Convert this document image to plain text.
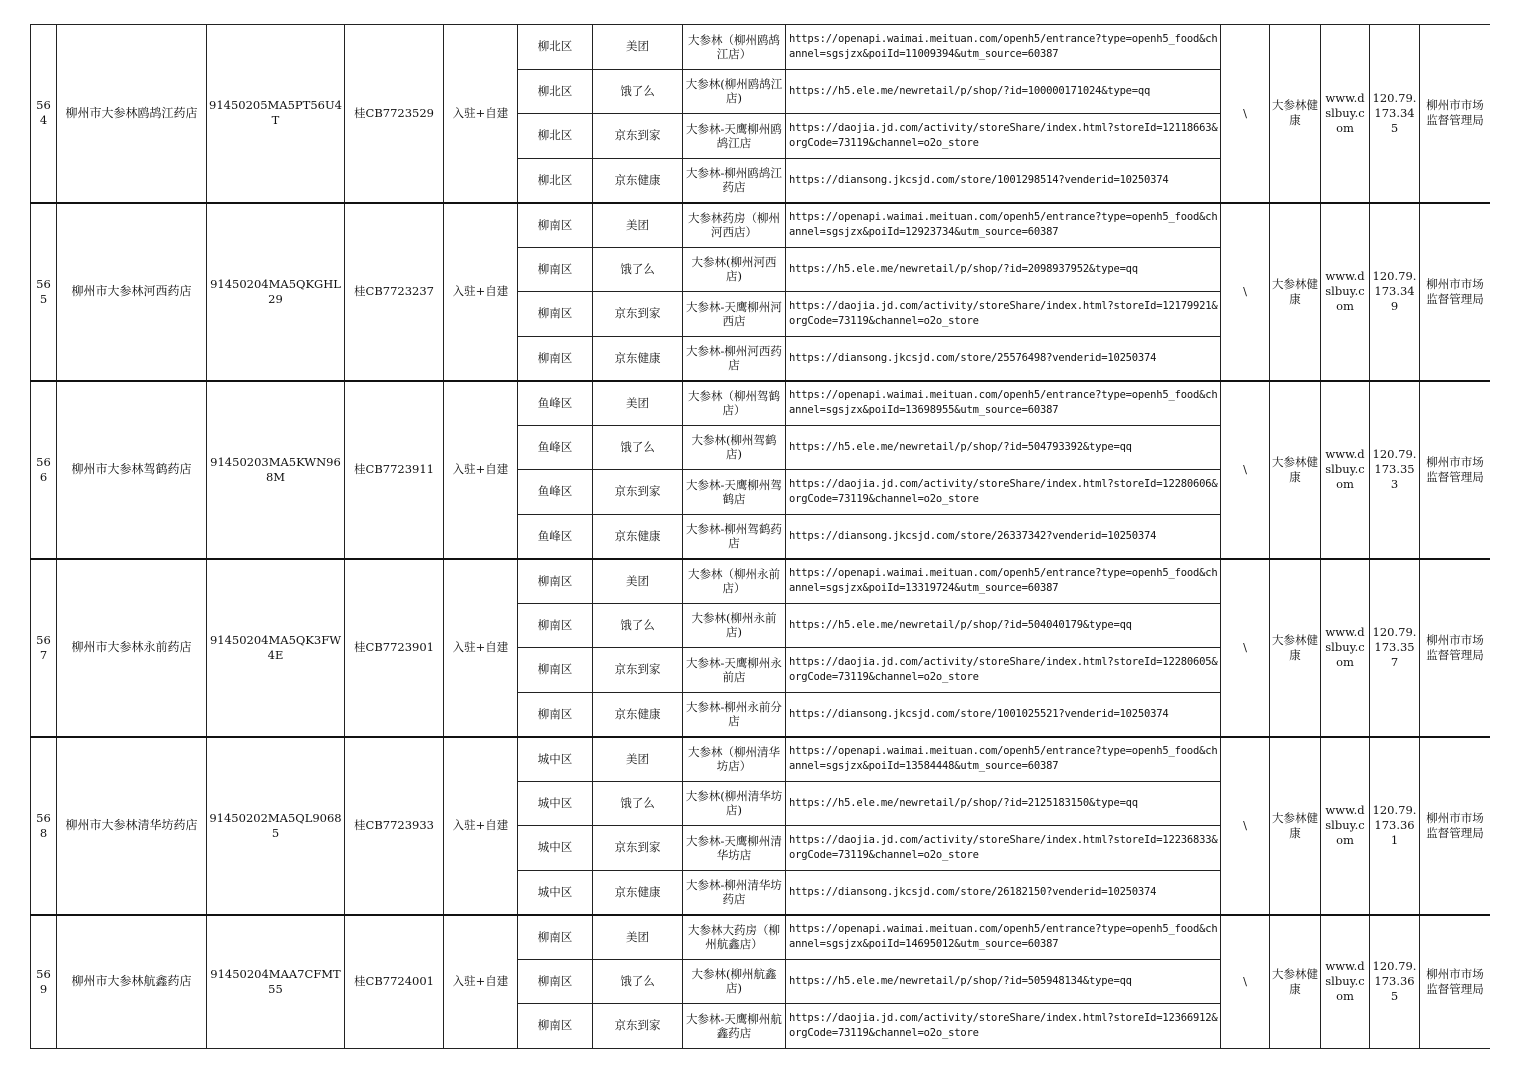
564	柳州市大参林鸥鸪江药店	91450205MA5PT56U4T	桂CB7723529	入驻+自建	柳北区	美团	大参林（柳州鸥鸪江店）	https://openapi.waimai.meituan.com/openh5/entrance?type=openh5_food&channel=sgsjzx&poiId=11009394&utm_source=60387	\	大参林健康	www.dslbuy.com	120.79.173.345	柳州市市场监督管理局
					柳北区	饿了么	大参林(柳州鸥鸪江店)	https://h5.ele.me/newretail/p/shop/?id=100000171024&type=qq					
					柳北区	京东到家	大参林-天鹰柳州鸥鸪江店	https://daojia.jd.com/activity/storeShare/index.html?storeId=12118663&orgCode=73119&channel=o2o_store					
					柳北区	京东健康	大参林-柳州鸥鸪江药店	https://diansong.jkcsjd.com/store/1001298514?venderid=10250374					
565	柳州市大参林河西药店	91450204MA5QKGHL29	桂CB7723237	入驻+自建	柳南区	美团	大参林药房（柳州河西店）	https://openapi.waimai.meituan.com/openh5/entrance?type=openh5_food&channel=sgsjzx&poiId=12923734&utm_source=60387	\	大参林健康	www.dslbuy.com	120.79.173.349	柳州市市场监督管理局
					柳南区	饿了么	大参林(柳州河西店)	https://h5.ele.me/newretail/p/shop/?id=2098937952&type=qq					
					柳南区	京东到家	大参林-天鹰柳州河西店	https://daojia.jd.com/activity/storeShare/index.html?storeId=12179921&orgCode=73119&channel=o2o_store					
					柳南区	京东健康	大参林-柳州河西药店	https://diansong.jkcsjd.com/store/25576498?venderid=10250374					
566	柳州市大参林驾鹤药店	91450203MA5KWN968M	桂CB7723911	入驻+自建	鱼峰区	美团	大参林（柳州驾鹤店）	https://openapi.waimai.meituan.com/openh5/entrance?type=openh5_food&channel=sgsjzx&poiId=13698955&utm_source=60387	\	大参林健康	www.dslbuy.com	120.79.173.353	柳州市市场监督管理局
					鱼峰区	饿了么	大参林(柳州驾鹤店)	https://h5.ele.me/newretail/p/shop/?id=504793392&type=qq					
					鱼峰区	京东到家	大参林-天鹰柳州驾鹤店	https://daojia.jd.com/activity/storeShare/index.html?storeId=12280606&orgCode=73119&channel=o2o_store					
					鱼峰区	京东健康	大参林-柳州驾鹤药店	https://diansong.jkcsjd.com/store/26337342?venderid=10250374					
567	柳州市大参林永前药店	91450204MA5QK3FW4E	桂CB7723901	入驻+自建	柳南区	美团	大参林（柳州永前店）	https://openapi.waimai.meituan.com/openh5/entrance?type=openh5_food&channel=sgsjzx&poiId=13319724&utm_source=60387	\	大参林健康	www.dslbuy.com	120.79.173.357	柳州市市场监督管理局
					柳南区	饿了么	大参林(柳州永前店)	https://h5.ele.me/newretail/p/shop/?id=504040179&type=qq					
					柳南区	京东到家	大参林-天鹰柳州永前店	https://daojia.jd.com/activity/storeShare/index.html?storeId=12280605&orgCode=73119&channel=o2o_store					
					柳南区	京东健康	大参林-柳州永前分店	https://diansong.jkcsjd.com/store/1001025521?venderid=10250374					
568	柳州市大参林清华坊药店	91450202MA5QL90685	桂CB7723933	入驻+自建	城中区	美团	大参林（柳州清华坊店）	https://openapi.waimai.meituan.com/openh5/entrance?type=openh5_food&channel=sgsjzx&poiId=13584448&utm_source=60387	\	大参林健康	www.dslbuy.com	120.79.173.361	柳州市市场监督管理局
					城中区	饿了么	大参林(柳州清华坊店)	https://h5.ele.me/newretail/p/shop/?id=2125183150&type=qq					
					城中区	京东到家	大参林-天鹰柳州清华坊店	https://daojia.jd.com/activity/storeShare/index.html?storeId=12236833&orgCode=73119&channel=o2o_store					
					城中区	京东健康	大参林-柳州清华坊药店	https://diansong.jkcsjd.com/store/26182150?venderid=10250374					
569	柳州市大参林航鑫药店	91450204MAA7CFMT55	桂CB7724001	入驻+自建	柳南区	美团	大参林大药房（柳州航鑫店）	https://openapi.waimai.meituan.com/openh5/entrance?type=openh5_food&channel=sgsjzx&poiId=14695012&utm_source=60387	\	大参林健康	www.dslbuy.com	120.79.173.365	柳州市市场监督管理局
					柳南区	饿了么	大参林(柳州航鑫店)	https://h5.ele.me/newretail/p/shop/?id=505948134&type=qq					
					柳南区	京东到家	大参林-天鹰柳州航鑫药店	https://daojia.jd.com/activity/storeShare/index.html?storeId=12366912&orgCode=73119&channel=o2o_store					
